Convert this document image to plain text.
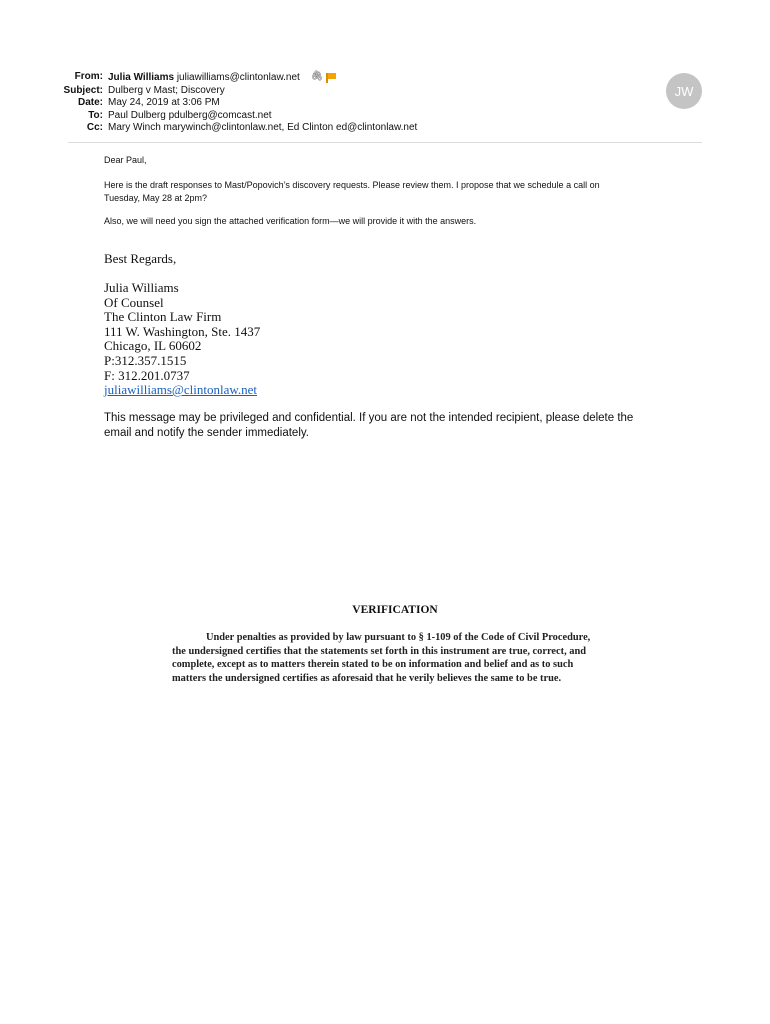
From: Julia Williams juliawilliams@clintonlaw.net 🖇
Subject: Dulberg v Mast; Discovery
Date: May 24, 2019 at 3:06 PM
To: Paul Dulberg pdulberg@comcast.net
Cc: Mary Winch marywinch@clintonlaw.net, Ed Clinton ed@clintonlaw.net
JW
Dear Paul,
Here is the draft responses to Mast/Popovich’s discovery requests. Please review them. I propose that we schedule a call on
Tuesday, May 28 at 2pm?
Also, we will need you sign the attached verification form—we will provide it with the answers.
Best Regards,
Julia Williams
Of Counsel
The Clinton Law Firm
111 W. Washington, Ste. 1437
Chicago, IL 60602
P:312.357.1515
F: 312.201.0737
juliawilliams@clintonlaw.net
This message may be privileged and confidential. If you are not the intended recipient, please delete the
email and notify the sender immediately.
VERIFICATION
Under penalties as provided by law pursuant to § 1-109 of the Code of Civil Procedure,
the undersigned certifies that the statements set forth in this instrument are true, correct, and
complete, except as to matters therein stated to be on information and belief and as to such
matters the undersigned certifies as aforesaid that he verily believes the same to be true.
